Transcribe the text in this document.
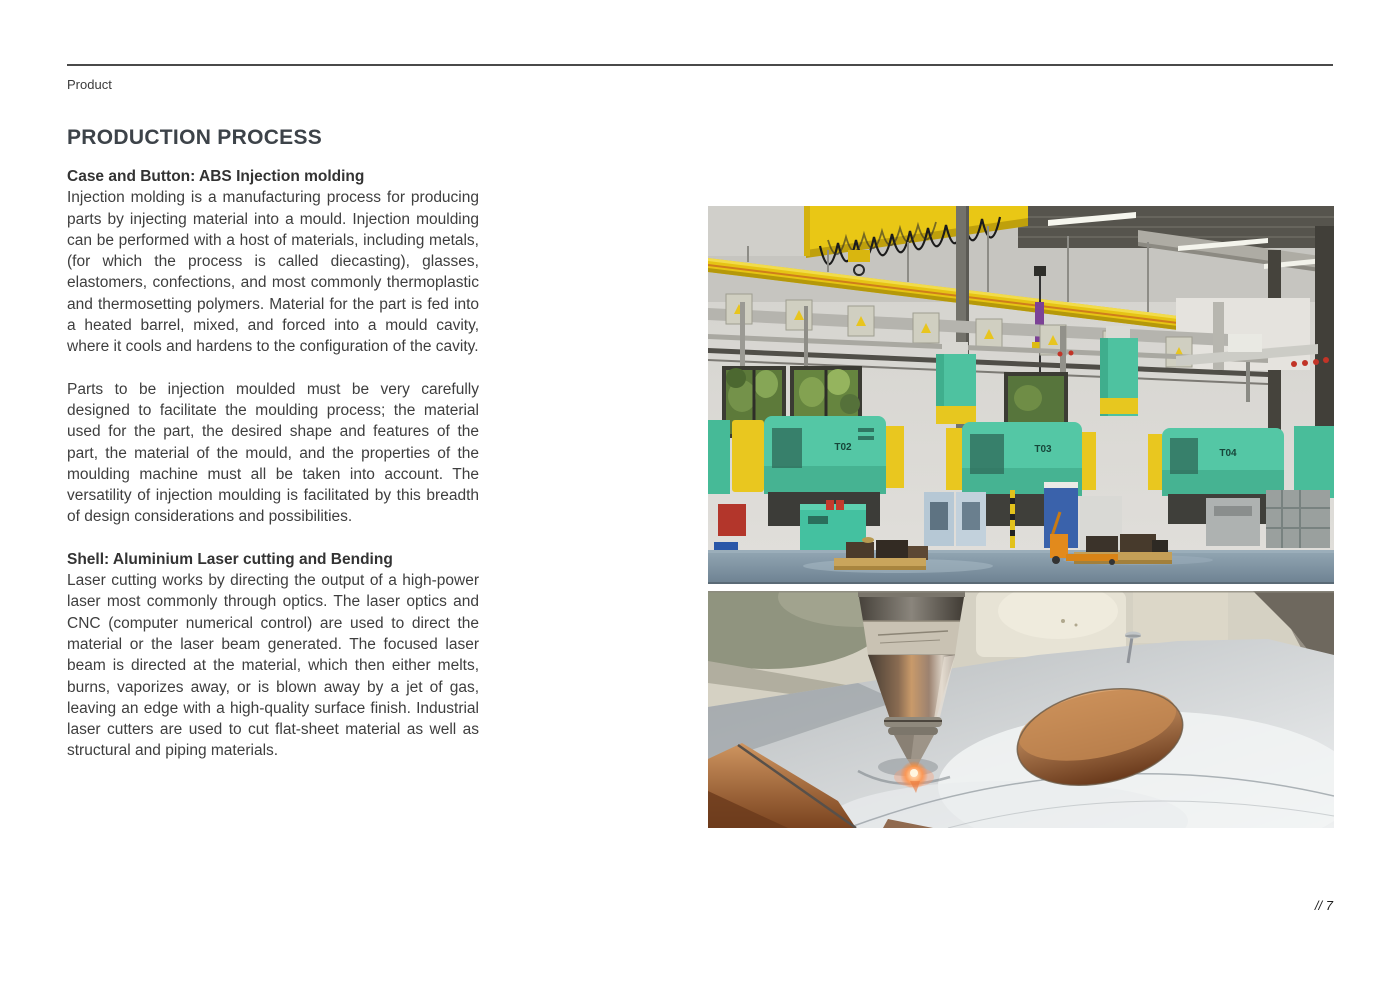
Product
PRODUCTION PROCESS
Case and Button: ABS Injection molding

Injection molding is a manufacturing process for producing parts by injecting material into a mould. Injection moulding can be performed with a host of materials, including metals, (for which the process is called diecasting), glasses, elastomers, confections, and most commonly thermoplastic and thermosetting polymers. Material for the part is fed into a heated barrel, mixed, and forced into a mould cavity, where it cools and hardens to the configuration of the cavity.

Parts to be injection moulded must be very carefully designed to facilitate the moulding process; the material used for the part, the desired shape and features of the part, the material of the mould, and the properties of the moulding machine must all be taken into account. The versatility of injection moulding is facilitated by this breadth of design considerations and possibilities.

Shell: Aluminium Laser cutting and Bending

Laser cutting works by directing the output of a high-power laser most commonly through optics. The laser optics and CNC (computer numerical control) are used to direct the material or the laser beam generated. The focused laser beam is directed at the material, which then either melts, burns, vaporizes away, or is blown away by a jet of gas, leaving an edge with a high-quality surface finish. Industrial laser cutters are used to cut flat-sheet material as well as structural and piping materials.

T02	T03	T04
// 7
